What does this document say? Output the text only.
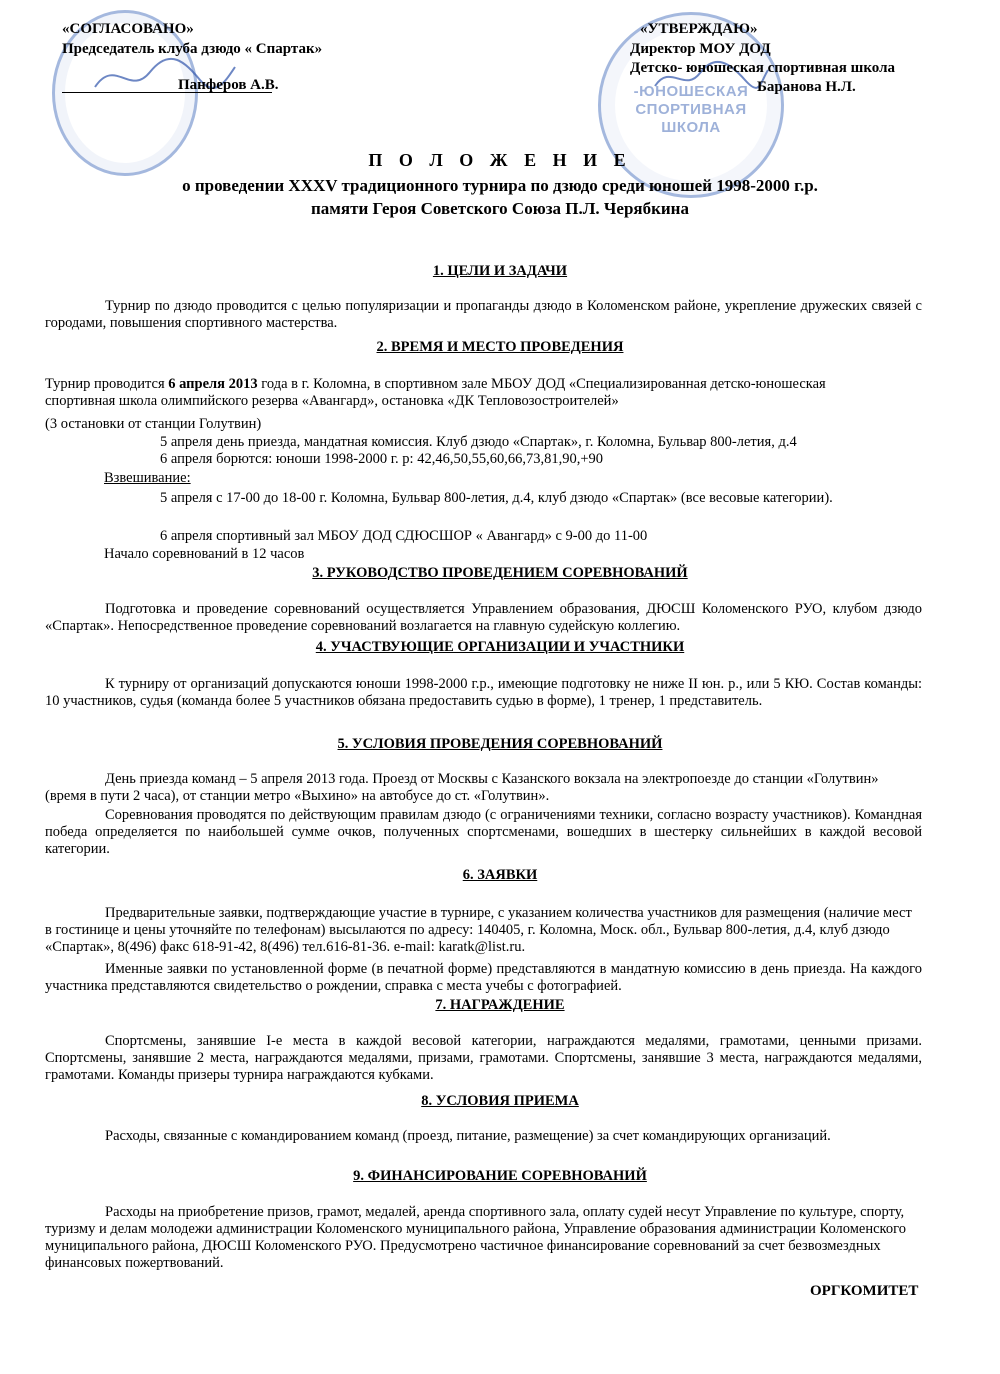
-ЮНОШЕСКАЯ СПОРТИВНАЯ ШКОЛА
«СОГЛАСОВАНО»
Председатель клуба дзюдо « Спартак»
Панферов А.В.
«УТВЕРЖДАЮ»
Директор МОУ ДОД
Детско- юношеская спортивная школа
Баранова Н.Л.
П О Л О Ж Е Н И Е
о проведении XXXV традиционного турнира по дзюдо среди юношей 1998-2000 г.р.
памяти Героя Советского Союза П.Л. Черябкина
1. ЦЕЛИ И ЗАДАЧИ
Турнир по дзюдо проводится с целью популяризации и пропаганды дзюдо в Коломенском районе, укрепление дружеских связей с городами, повышения спортивного мастерства.
2. ВРЕМЯ И МЕСТО ПРОВЕДЕНИЯ
Турнир проводится 6 апреля 2013 года в г. Коломна, в спортивном зале МБОУ ДОД «Специализированная детско-юношеская спортивная школа олимпийского резерва «Авангард», остановка «ДК Тепловозостроителей»
(3 остановки от станции Голутвин)
5 апреля день приезда, мандатная комиссия. Клуб дзюдо «Спартак», г. Коломна, Бульвар 800-летия, д.4
6 апреля борются: юноши 1998-2000 г. р: 42,46,50,55,60,66,73,81,90,+90
Взвешивание:
5 апреля с 17-00 до 18-00 г. Коломна, Бульвар 800-летия, д.4, клуб дзюдо «Спартак» (все весовые категории).
6 апреля спортивный зал МБОУ ДОД СДЮСШОР « Авангард» с 9-00 до 11-00
Начало соревнований в 12 часов
3. РУКОВОДСТВО ПРОВЕДЕНИЕМ СОРЕВНОВАНИЙ
Подготовка и проведение соревнований осуществляется Управлением образования, ДЮСШ Коломенского РУО, клубом дзюдо «Спартак». Непосредственное проведение соревнований возлагается на главную судейскую коллегию.
4. УЧАСТВУЮЩИЕ ОРГАНИЗАЦИИ И УЧАСТНИКИ
К турниру от организаций допускаются юноши 1998-2000 г.р., имеющие подготовку не ниже II юн. р., или 5 КЮ. Состав команды: 10 участников, судья (команда более 5 участников обязана предоставить судью в форме), 1 тренер, 1 представитель.
5. УСЛОВИЯ ПРОВЕДЕНИЯ СОРЕВНОВАНИЙ
День приезда команд – 5 апреля 2013 года. Проезд от Москвы с Казанского вокзала на электропоезде до станции «Голутвин» (время в пути 2 часа), от станции метро «Выхино» на автобусе до ст. «Голутвин».
Соревнования проводятся по действующим правилам дзюдо (с ограничениями техники, согласно возрасту участников). Командная победа определяется по наибольшей сумме очков, полученных спортсменами, вошедших в шестерку сильнейших в каждой весовой категории.
6. ЗАЯВКИ
Предварительные заявки, подтверждающие участие в турнире, с указанием количества участников для размещения (наличие мест в гостинице и цены уточняйте по телефонам) высылаются по адресу: 140405, г. Коломна, Моск. обл., Бульвар 800-летия, д.4, клуб дзюдо «Спартак», 8(496) факс 618-91-42, 8(496) тел.616-81-36. e-mail: karatk@list.ru.
Именные заявки по установленной форме (в печатной форме) представляются в мандатную комиссию в день приезда. На каждого участника представляются свидетельство о рождении, справка с места учебы с фотографией.
7. НАГРАЖДЕНИЕ
Спортсмены, занявшие I-е места в каждой весовой категории, награждаются медалями, грамотами, ценными призами. Спортсмены, занявшие 2 места, награждаются медалями, призами, грамотами. Спортсмены, занявшие 3 места, награждаются медалями, грамотами. Команды призеры турнира награждаются кубками.
8. УСЛОВИЯ ПРИЕМА
Расходы, связанные с командированием команд (проезд, питание, размещение) за счет командирующих организаций.
9. ФИНАНСИРОВАНИЕ СОРЕВНОВАНИЙ
Расходы на приобретение призов, грамот, медалей, аренда спортивного зала, оплату судей несут Управление по культуре, спорту, туризму и делам молодежи администрации Коломенского муниципального района, Управление образования администрации Коломенского муниципального района, ДЮСШ Коломенского РУО. Предусмотрено частичное финансирование соревнований за счет безвозмездных финансовых пожертвований.
ОРГКОМИТЕТ
